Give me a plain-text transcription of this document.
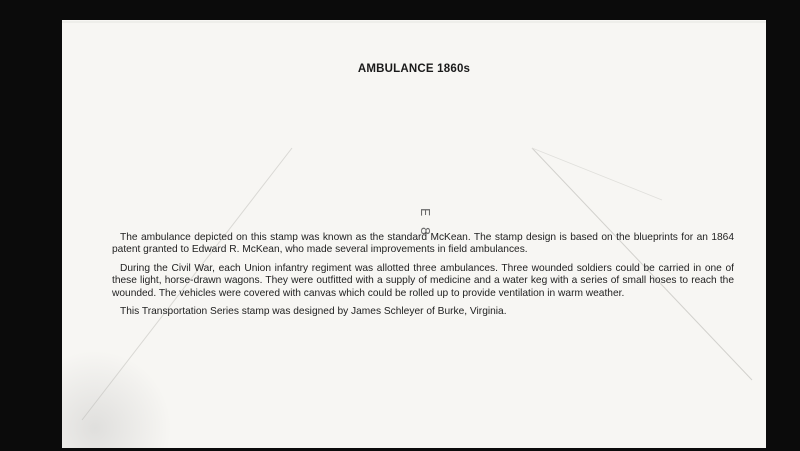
AMBULANCE 1860s
E 8

The ambulance depicted on this stamp was known as the standard McKean. The stamp design is based on the blueprints for an 1864 patent granted to Edward R. McKean, who made several improvements in field ambulances.

During the Civil War, each Union infantry regiment was allotted three ambulances. Three wounded soldiers could be carried in one of these light, horse-drawn wagons. They were outfitted with a supply of medicine and a water keg with a series of small hoses to reach the wounded. The vehicles were covered with canvas which could be rolled up to provide ventilation in warm weather.

This Transportation Series stamp was designed by James Schleyer of Burke, Virginia.
